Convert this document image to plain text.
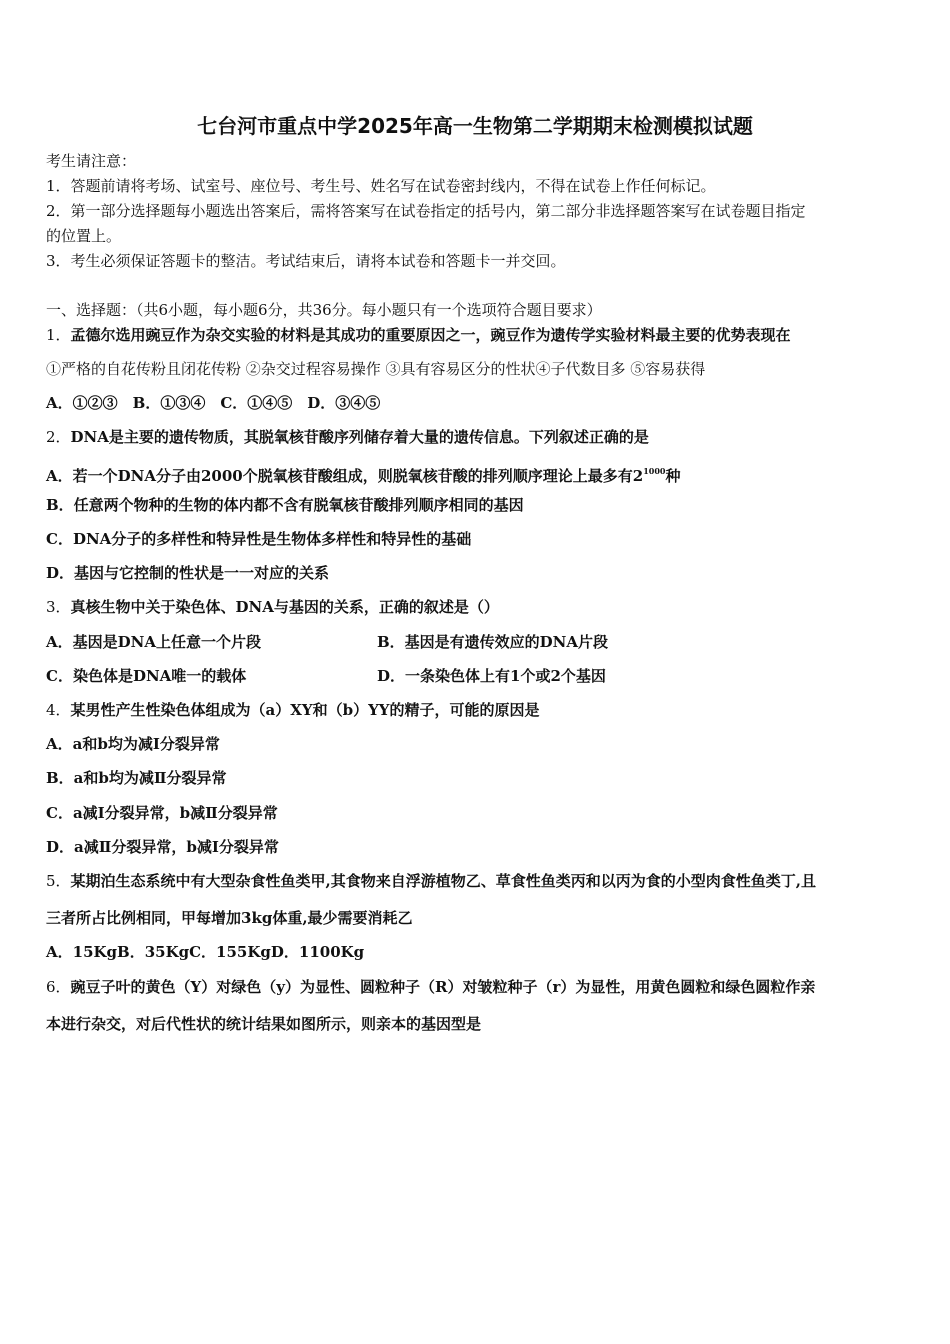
七台河市重点中学2025年高一生物第二学期期末检测模拟试题
考生请注意：
1．答题前请将考场、试室号、座位号、考生号、姓名写在试卷密封线内，不得在试卷上作任何标记。
2．第一部分选择题每小题选出答案后，需将答案写在试卷指定的括号内，第二部分非选择题答案写在试卷题目指定
的位置上。
3．考生必须保证答题卡的整洁。考试结束后，请将本试卷和答题卡一并交回。
一、选择题：（共6小题，每小题6分，共36分。每小题只有一个选项符合题目要求）
1．孟德尔选用豌豆作为杂交实验的材料是其成功的重要原因之一，豌豆作为遗传学实验材料最主要的优势表现在
①严格的自花传粉且闭花传粉 ②杂交过程容易操作 ③具有容易区分的性状④子代数目多 ⑤容易获得
A．①②③　B．①③④　C．①④⑤　D．③④⑤
2．DNA是主要的遗传物质，其脱氧核苷酸序列储存着大量的遗传信息。下列叙述正确的是
A．若一个DNA分子由2000个脱氧核苷酸组成，则脱氧核苷酸的排列顺序理论上最多有$2^{1000}$种
B．任意两个物种的生物的体内都不含有脱氧核苷酸排列顺序相同的基因
C．DNA分子的多样性和特异性是生物体多样性和特异性的基础
D．基因与它控制的性状是一一对应的关系
3．真核生物中关于染色体、DNA与基因的关系，正确的叙述是（）
A．基因是DNA上任意一个片段	B．基因是有遗传效应的DNA片段
C．染色体是DNA唯一的载体	D．一条染色体上有1个或2个基因
4．某男性产生性染色体组成为（a）XY和（b）YY的精子，可能的原因是
A．a和b均为减Ⅰ分裂异常
B．a和b均为减Ⅱ分裂异常
C．a减Ⅰ分裂异常，b减Ⅱ分裂异常
D．a减Ⅱ分裂异常，b减Ⅰ分裂异常
5．某期泊生态系统中有大型杂食性鱼类甲,其食物来自浮游植物乙、草食性鱼类丙和以丙为食的小型肉食性鱼类丁,且
三者所占比例相同，甲每增加3kg体重,最少需要消耗乙
A．15KgB．35KgC．155KgD．1100Kg
6．豌豆子叶的黄色（Y）对绿色（y）为显性、圆粒种子（R）对皱粒种子（r）为显性，用黄色圆粒和绿色圆粒作亲
本进行杂交，对后代性状的统计结果如图所示，则亲本的基因型是
